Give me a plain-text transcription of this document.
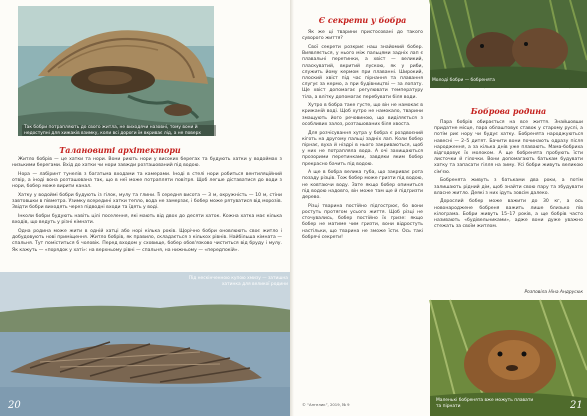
Так бобри потрапляють до свого житла, не виходячи назовні, тому вони й недоступні для хижаків взимку, коли всі дороги їм вкриває лід, а не поверх криги.
Талановиті архітектори

Житло бобрів — це хатки та нори. Вони риють нори у високих берегах та будують хатки у водоймах з низькими берегами. Вхід до хатки чи нори завжди розташований під водою.

Нора — лабіринт тунелів з багатьма входами та камерами. Іноді в стелі нори робиться вентиляційний отвір, а іноді вона розташована так, що в неї може потрапляти повітря. Щоб легше діставатися до води з нори, бобер може вирити канал.

Хатку у водоймі бобри будують із гілок, мулу та глини. Її середня висота — 3 м, окружність — 10 м, стіни завтовшки в півметра. Узимку всередині хатки тепло, вода не замерзає, і бобер може рятуватися від морозів. Звідти бобри виходять через підводні входи та їдять у воді.

Інколи бобри будують навіть цілі поселення, які мають від двох до десяти хаток. Кожна хатка має кілька входів, що ведуть у різні кімнати.

Одна родина може жити в одній хатці або норі кілька років. Щорічно бобри оновлюють своє житло і добудовують нові приміщення. Житло бобрів, як правило, складається з кількох рівнів. Найбільша кімната — спальня. Тут поміститься 6 чоловік. Перед входом у сховище, бобер обов'язково чиститься від бруду і мулу. Як кажуть — «порядок у хаті»: на верхньому рівні — спальня, на нижньому — «передпокій».

Під нескінченною купою хмизу — затишна хатинка для великої родини
20
Є секрети у бобра

Як же ці тварини пристосовані до такого суворого життя?

Свої секрети розкриє наш знайомий бобер. Виявляється, у нього між пальцями задніх лап є плавальні перетинки, а хвіст — великий, пласкуватий, вкритий лускою, як у риби, служить йому кермом при плаванні. Широкий, плоский хвіст під час пірнання та плавання слугує за кермо, а при будівництві — за лопату. Ще хвіст допомагає регулювати температуру тіла, а влітку допомагає перебувати біля води.

Хутро в бобра таке густе, що він не намокає в крижаній воді. Щоб хутро не намокало, тварини змащують його речовиною, що виділяється з особливих залоз, розташованих біля хвоста.

Для розчісування хутра у бобра є роздвоєний кіготь на другому пальці задніх лап. Коли бобер пірнає, вуха й ніздрі в нього закриваються, щоб у них не потрапляла вода. А очі захищаються прозорими перетинками, завдяки яким бобер прекрасно бачить під водою.

А ще в бобра велика губа, що закриває рота позаду різців. Тож бобер може гризти під водою, не ковтаючи воду. Зате якщо бобер опиниться під водою надовго, він може там ще й підгризти дерево.

Різці тварина постійно підгострює, бо вони ростуть протягом усього життя. Щоб різці не сточувались, бобер постійно їх гризе: якщо бобер не матиме чим гризти, вони відростуть настільки, що тварина не зможе їсти. Ось такі бобрячі секрети!

© “Ангелик”, 2019, № 9
Молоді бобри — бобренята
Боброва родина

Пара бобрів обирається на все життя. Знайшовши придатне місце, пара облаштовує ставок у старому руслі, а потім риє нору чи будує хатку. Бобренята народжуються навесні — 2–5 дитят. Бачити вони починають одразу після народження, а за кілька днів уже плавають. Мама-бобриха відгодовує їх молоком. А ще бобренята пробують їсти листочки й гілочки. Вони допомагають батькам будувати хатку та запасати гілля на зиму. Усі бобри живуть великою сім'єю.

Бобренята живуть з батьками два роки, а потім залишають рідний дім, щоб знайти свою пару та збудувати власне житло. Деякі з них ідуть зовсім далеко.

Дорослий бобер може важити до 30 кг, а ось новонароджене бобреня важить лише близько пів кілограма. Бобри живуть 15–17 років, а ще бобрів часто називають «будівельниками», адже вони дуже уважно стежать за своїм житлом.

Розповіла Ніна Андрусюк
Маленькі бобренята вже можуть плавати та пірнати	21
